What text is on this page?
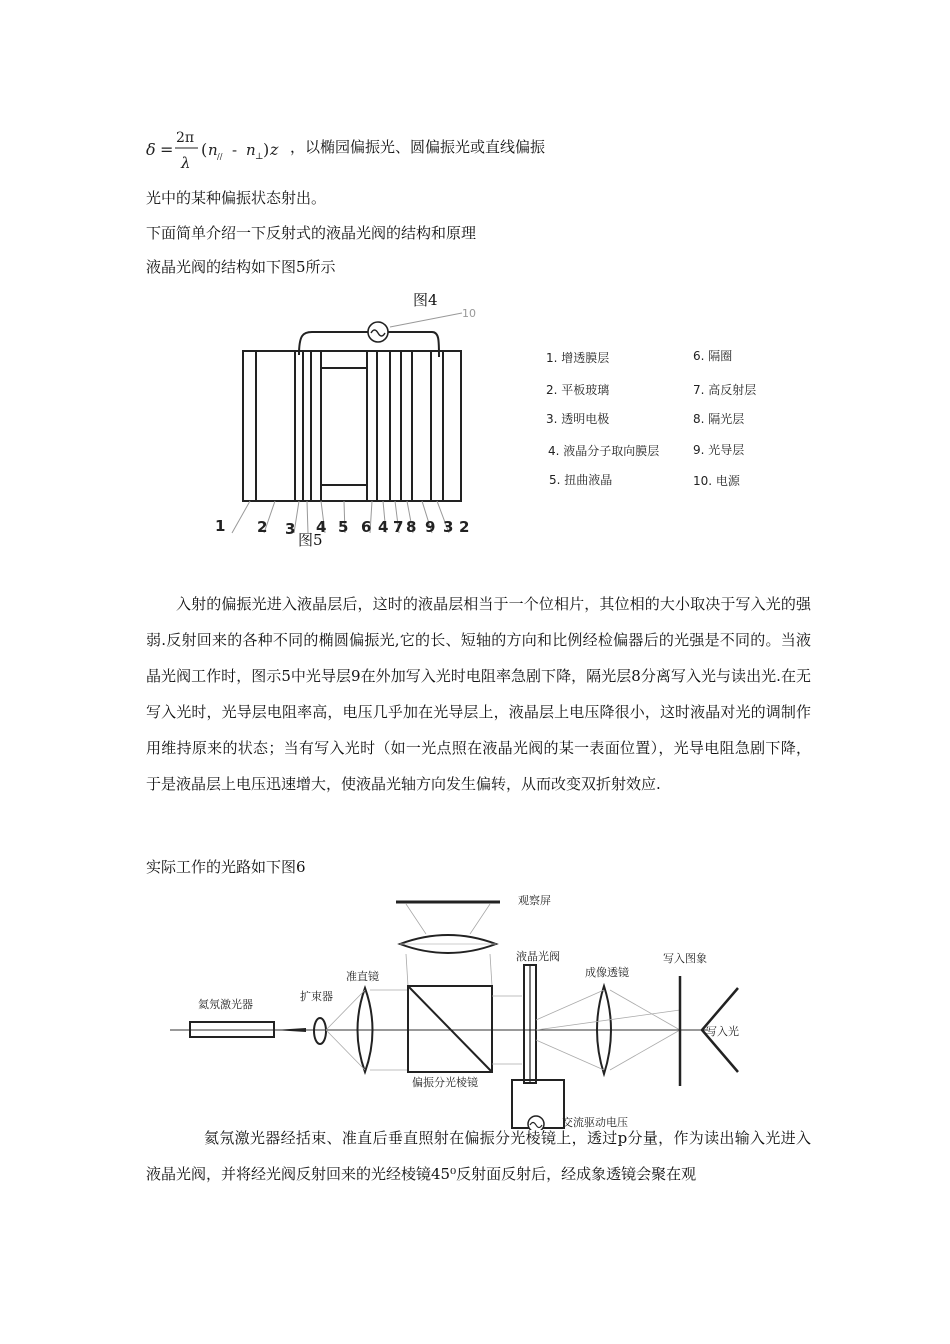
δ =
2π
λ
( n // - n ⊥ ) z ，以椭园偏振光、圆偏振光或直线偏振
光中的某种偏振状态射出。
下面简单介绍一下反射式的液晶光阀的结构和原理
液晶光阀的结构如下图5所示
图4
10
1 2 3 4 5 6 4 7 8 9 3 2
1. 增透膜层
2. 平板玻璃
3. 透明电极
4. 液晶分子取向膜层
5. 扭曲液晶
6. 隔圈
7. 高反射层
8. 隔光层
9. 光导层
10. 电源
图5

入射的偏振光进入液晶层后，这时的液晶层相当于一个位相片，其位相的大小取决于写入光的强弱.反射回来的各种不同的椭圆偏振光,它的长、短轴的方向和比例经检偏器后的光强是不同的。当液晶光阀工作时，图示5中光导层9在外加写入光时电阻率急剧下降，隔光层8分离写入光与读出光.在无写入光时，光导层电阻率高，电压几乎加在光导层上，液晶层上电压降很小，这时液晶对光的调制作用维持原来的状态；当有写入光时（如一光点照在液晶光阀的某一表面位置），光导电阻急剧下降，于是液晶层上电压迅速增大，使液晶光轴方向发生偏转，从而改变双折射效应.

实际工作的光路如下图6
观察屏
氦氖激光器
扩束器
准直镜
偏振分光棱镜
液晶光阀
交流驱动电压
成像透镜
写入图象
写入光

氦氖激光器经括束、准直后垂直照射在偏振分光棱镜上，透过p分量，作为读出输入光进入液晶光阀，并将经光阀反射回来的光经棱镜45⁰反射面反射后，经成象透镜会聚在观
